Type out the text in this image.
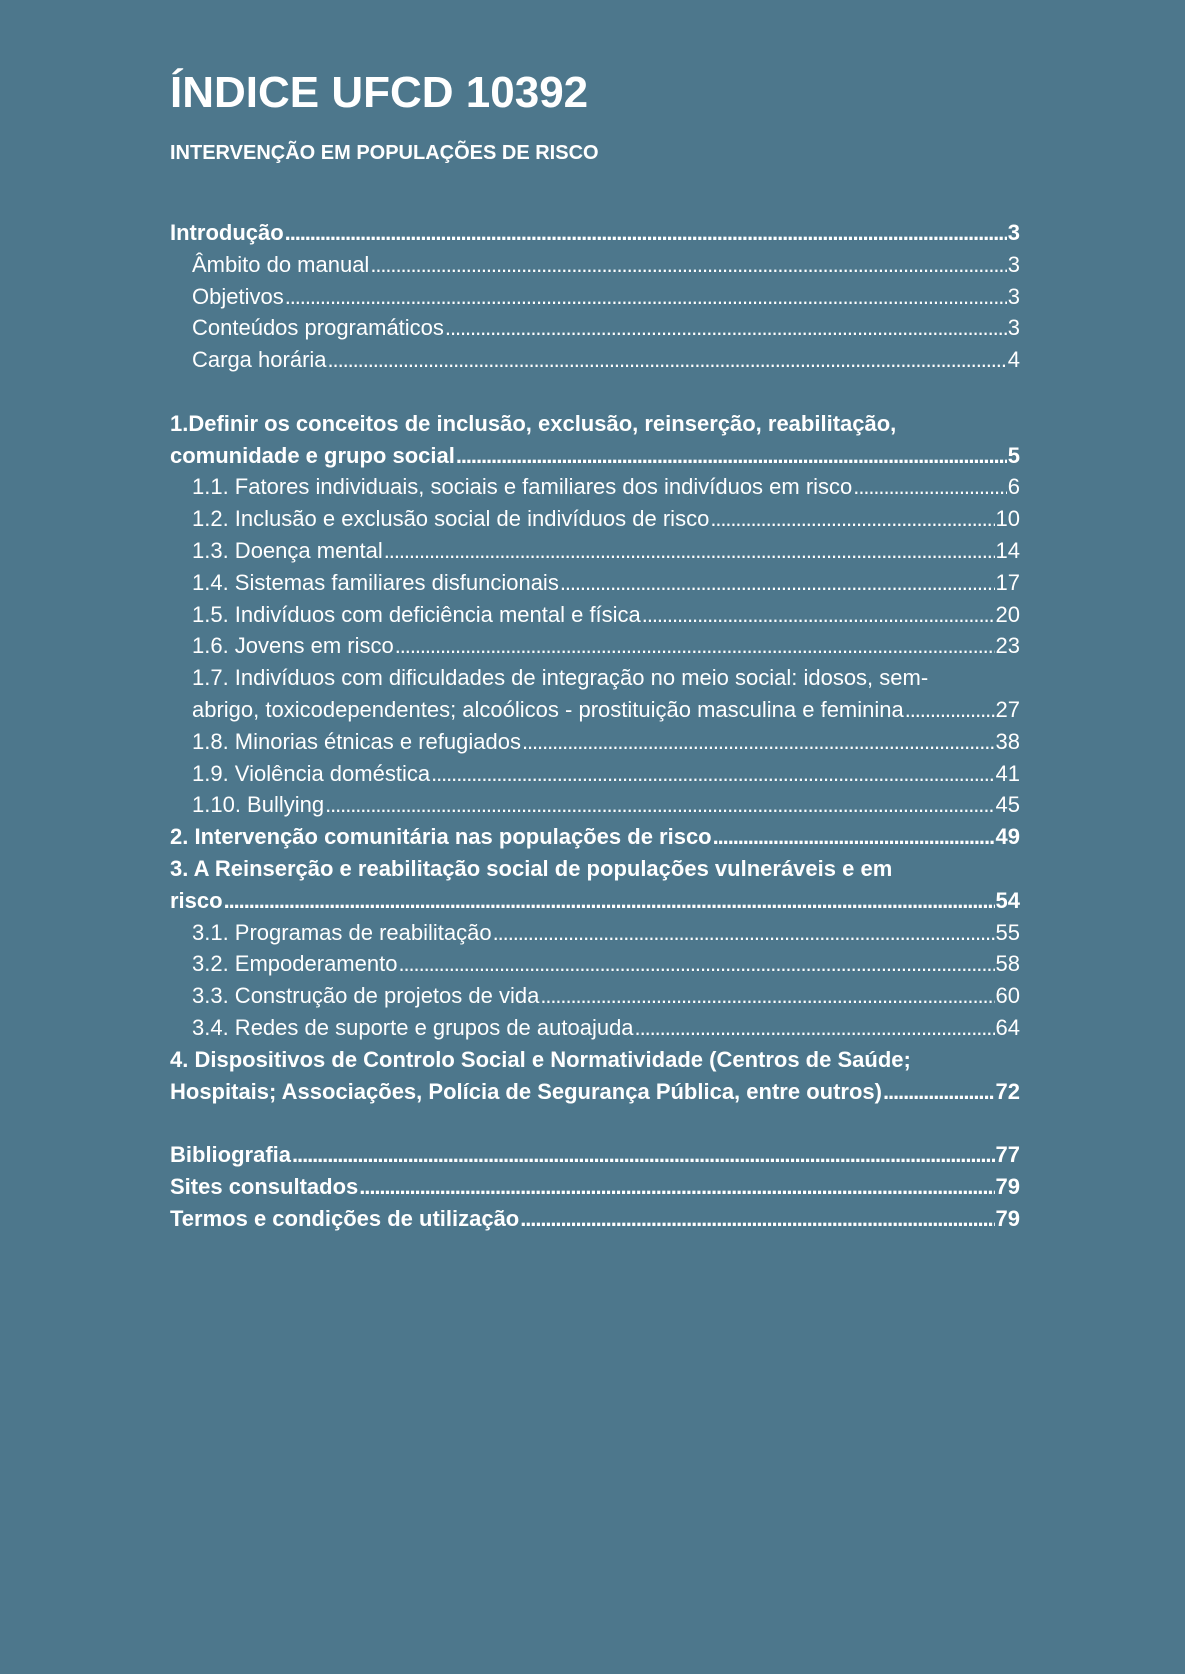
ÍNDICE UFCD 10392
INTERVENÇÃO EM POPULAÇÕES DE RISCO
Introdução . . .	3
Âmbito do manual . . .	3
Objetivos . . .	3
Conteúdos programáticos . . .	3
Carga horária . . .	4
1.Definir os conceitos de inclusão, exclusão, reinserção, reabilitação,
comunidade e grupo social . . .	5
1.1. Fatores individuais, sociais e familiares dos indivíduos em risco . . .	6
1.2. Inclusão e exclusão social de indivíduos de risco . . .	10
1.3. Doença mental . . .	14
1.4. Sistemas familiares disfuncionais . . .	17
1.5. Indivíduos com deficiência mental e física . . .	20
1.6. Jovens em risco . . .	23
1.7. Indivíduos com dificuldades de integração no meio social: idosos, sem-
abrigo, toxicodependentes; alcoólicos - prostituição masculina e feminina . . .	27
1.8. Minorias étnicas e refugiados . . .	38
1.9. Violência doméstica . . .	41
1.10. Bullying . . .	45
2. Intervenção comunitária nas populações de risco . . .	49
3. A Reinserção e reabilitação social de populações vulneráveis e em
risco . . .	54
3.1. Programas de reabilitação . . .	55
3.2. Empoderamento . . .	58
3.3. Construção de projetos de vida . . .	60
3.4. Redes de suporte e grupos de autoajuda . . .	64
4. Dispositivos de Controlo Social e Normatividade (Centros de Saúde;
Hospitais; Associações, Polícia de Segurança Pública, entre outros) . . .	72
Bibliografia . . .	77
Sites consultados . . .	79
Termos e condições de utilização . . .	79
